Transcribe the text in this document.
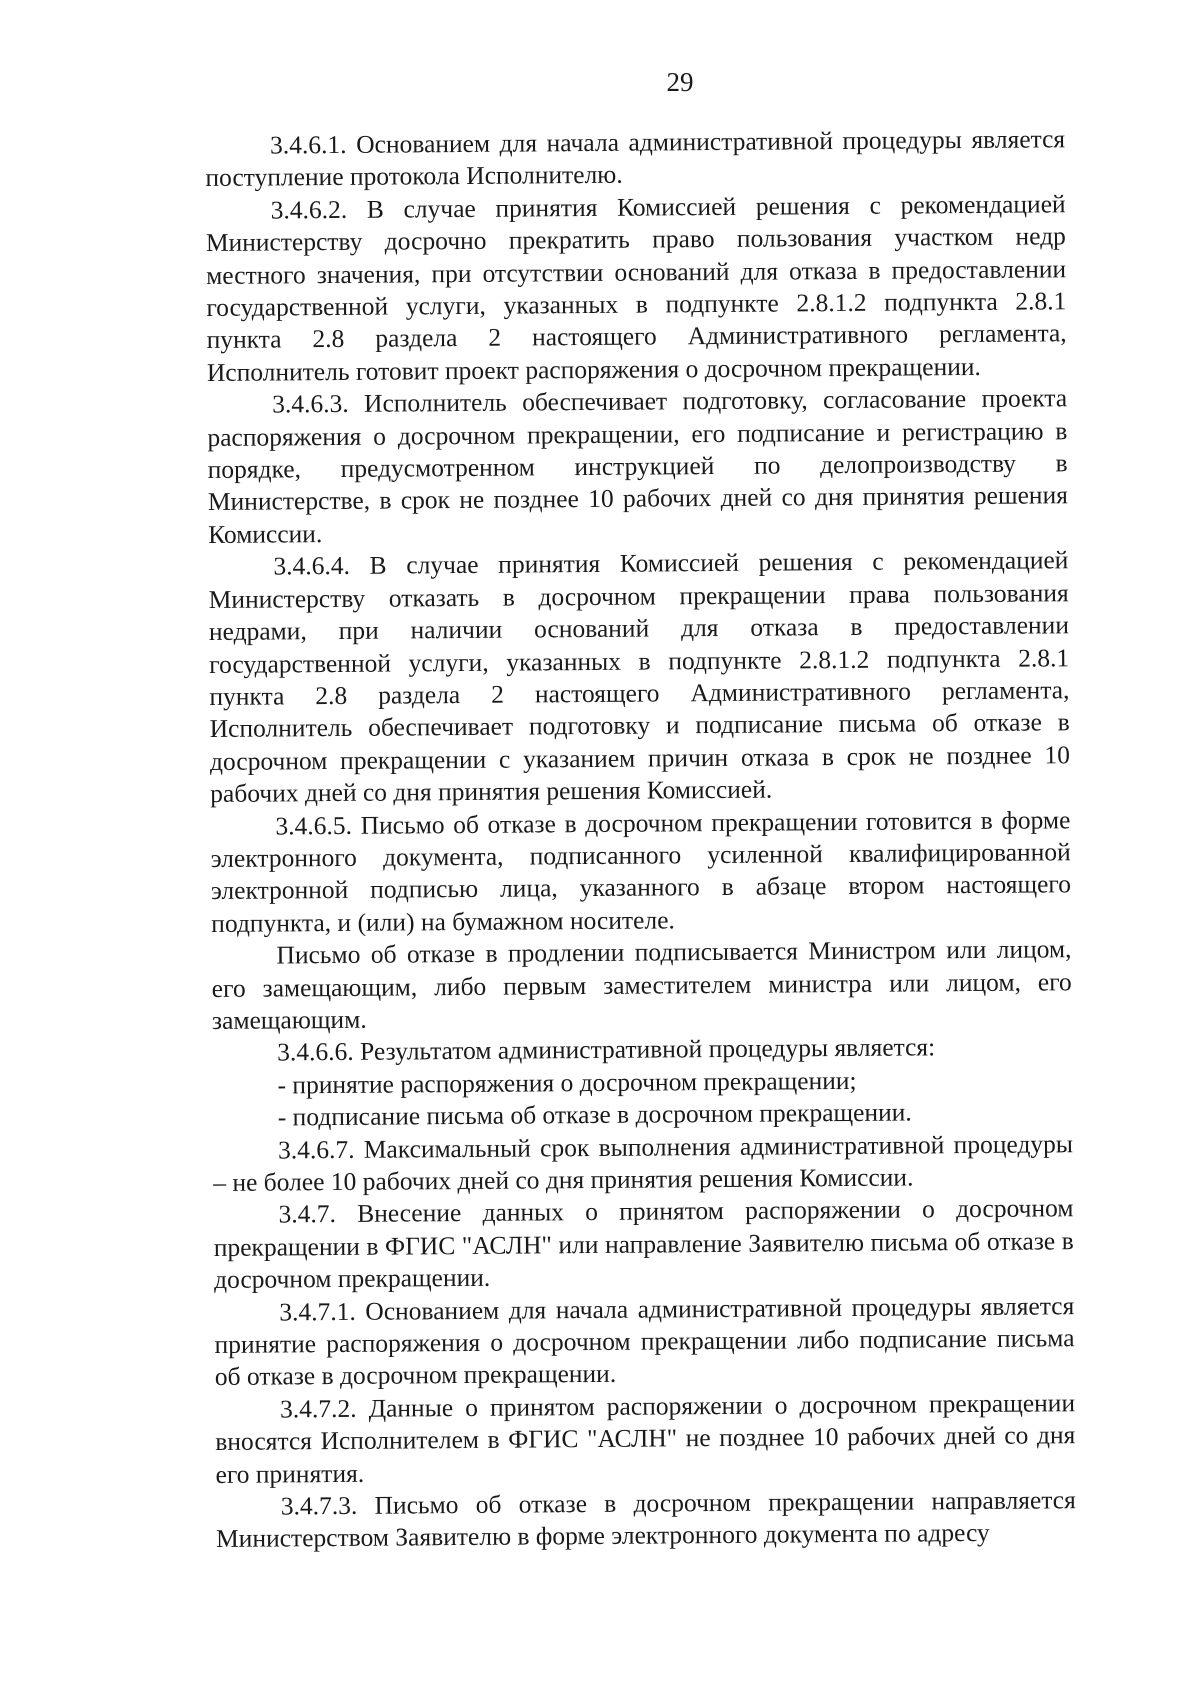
29

3.4.6.1. Основанием для начала административной процедуры является поступление протокола Исполнителю.

3.4.6.2. В случае принятия Комиссией решения с рекомендацией Министерству досрочно прекратить право пользования участком недр местного значения, при отсутствии оснований для отказа в предоставлении государственной услуги, указанных в подпункте 2.8.1.2 подпункта 2.8.1 пункта 2.8 раздела 2 настоящего Административного регламента, Исполнитель готовит проект распоряжения о досрочном прекращении.

3.4.6.3. Исполнитель обеспечивает подготовку, согласование проекта распоряжения о досрочном прекращении, его подписание и регистрацию в порядке, предусмотренном инструкцией по делопроизводству в Министерстве, в срок не позднее 10 рабочих дней со дня принятия решения Комиссии.

3.4.6.4. В случае принятия Комиссией решения с рекомендацией Министерству отказать в досрочном прекращении права пользования недрами, при наличии оснований для отказа в предоставлении государственной услуги, указанных в подпункте 2.8.1.2 подпункта 2.8.1 пункта 2.8 раздела 2 настоящего Административного регламента, Исполнитель обеспечивает подготовку и подписание письма об отказе в досрочном прекращении с указанием причин отказа в срок не позднее 10 рабочих дней со дня принятия решения Комиссией.

3.4.6.5. Письмо об отказе в досрочном прекращении готовится в форме электронного документа, подписанного усиленной квалифицированной электронной подписью лица, указанного в абзаце втором настоящего подпункта, и (или) на бумажном носителе.

Письмо об отказе в продлении подписывается Министром или лицом, его замещающим, либо первым заместителем министра или лицом, его замещающим.

3.4.6.6. Результатом административной процедуры является:

- принятие распоряжения о досрочном прекращении;

- подписание письма об отказе в досрочном прекращении.

3.4.6.7. Максимальный срок выполнения административной процедуры – не более 10 рабочих дней со дня принятия решения Комиссии.

3.4.7. Внесение данных о принятом распоряжении о досрочном прекращении в ФГИС "АСЛН" или направление Заявителю письма об отказе в досрочном прекращении.

3.4.7.1. Основанием для начала административной процедуры является принятие распоряжения о досрочном прекращении либо подписание письма об отказе в досрочном прекращении.

3.4.7.2. Данные о принятом распоряжении о досрочном прекращении вносятся Исполнителем в ФГИС "АСЛН" не позднее 10 рабочих дней со дня его принятия.

3.4.7.3. Письмо об отказе в досрочном прекращении направляется Министерством Заявителю в форме электронного документа по адресу
